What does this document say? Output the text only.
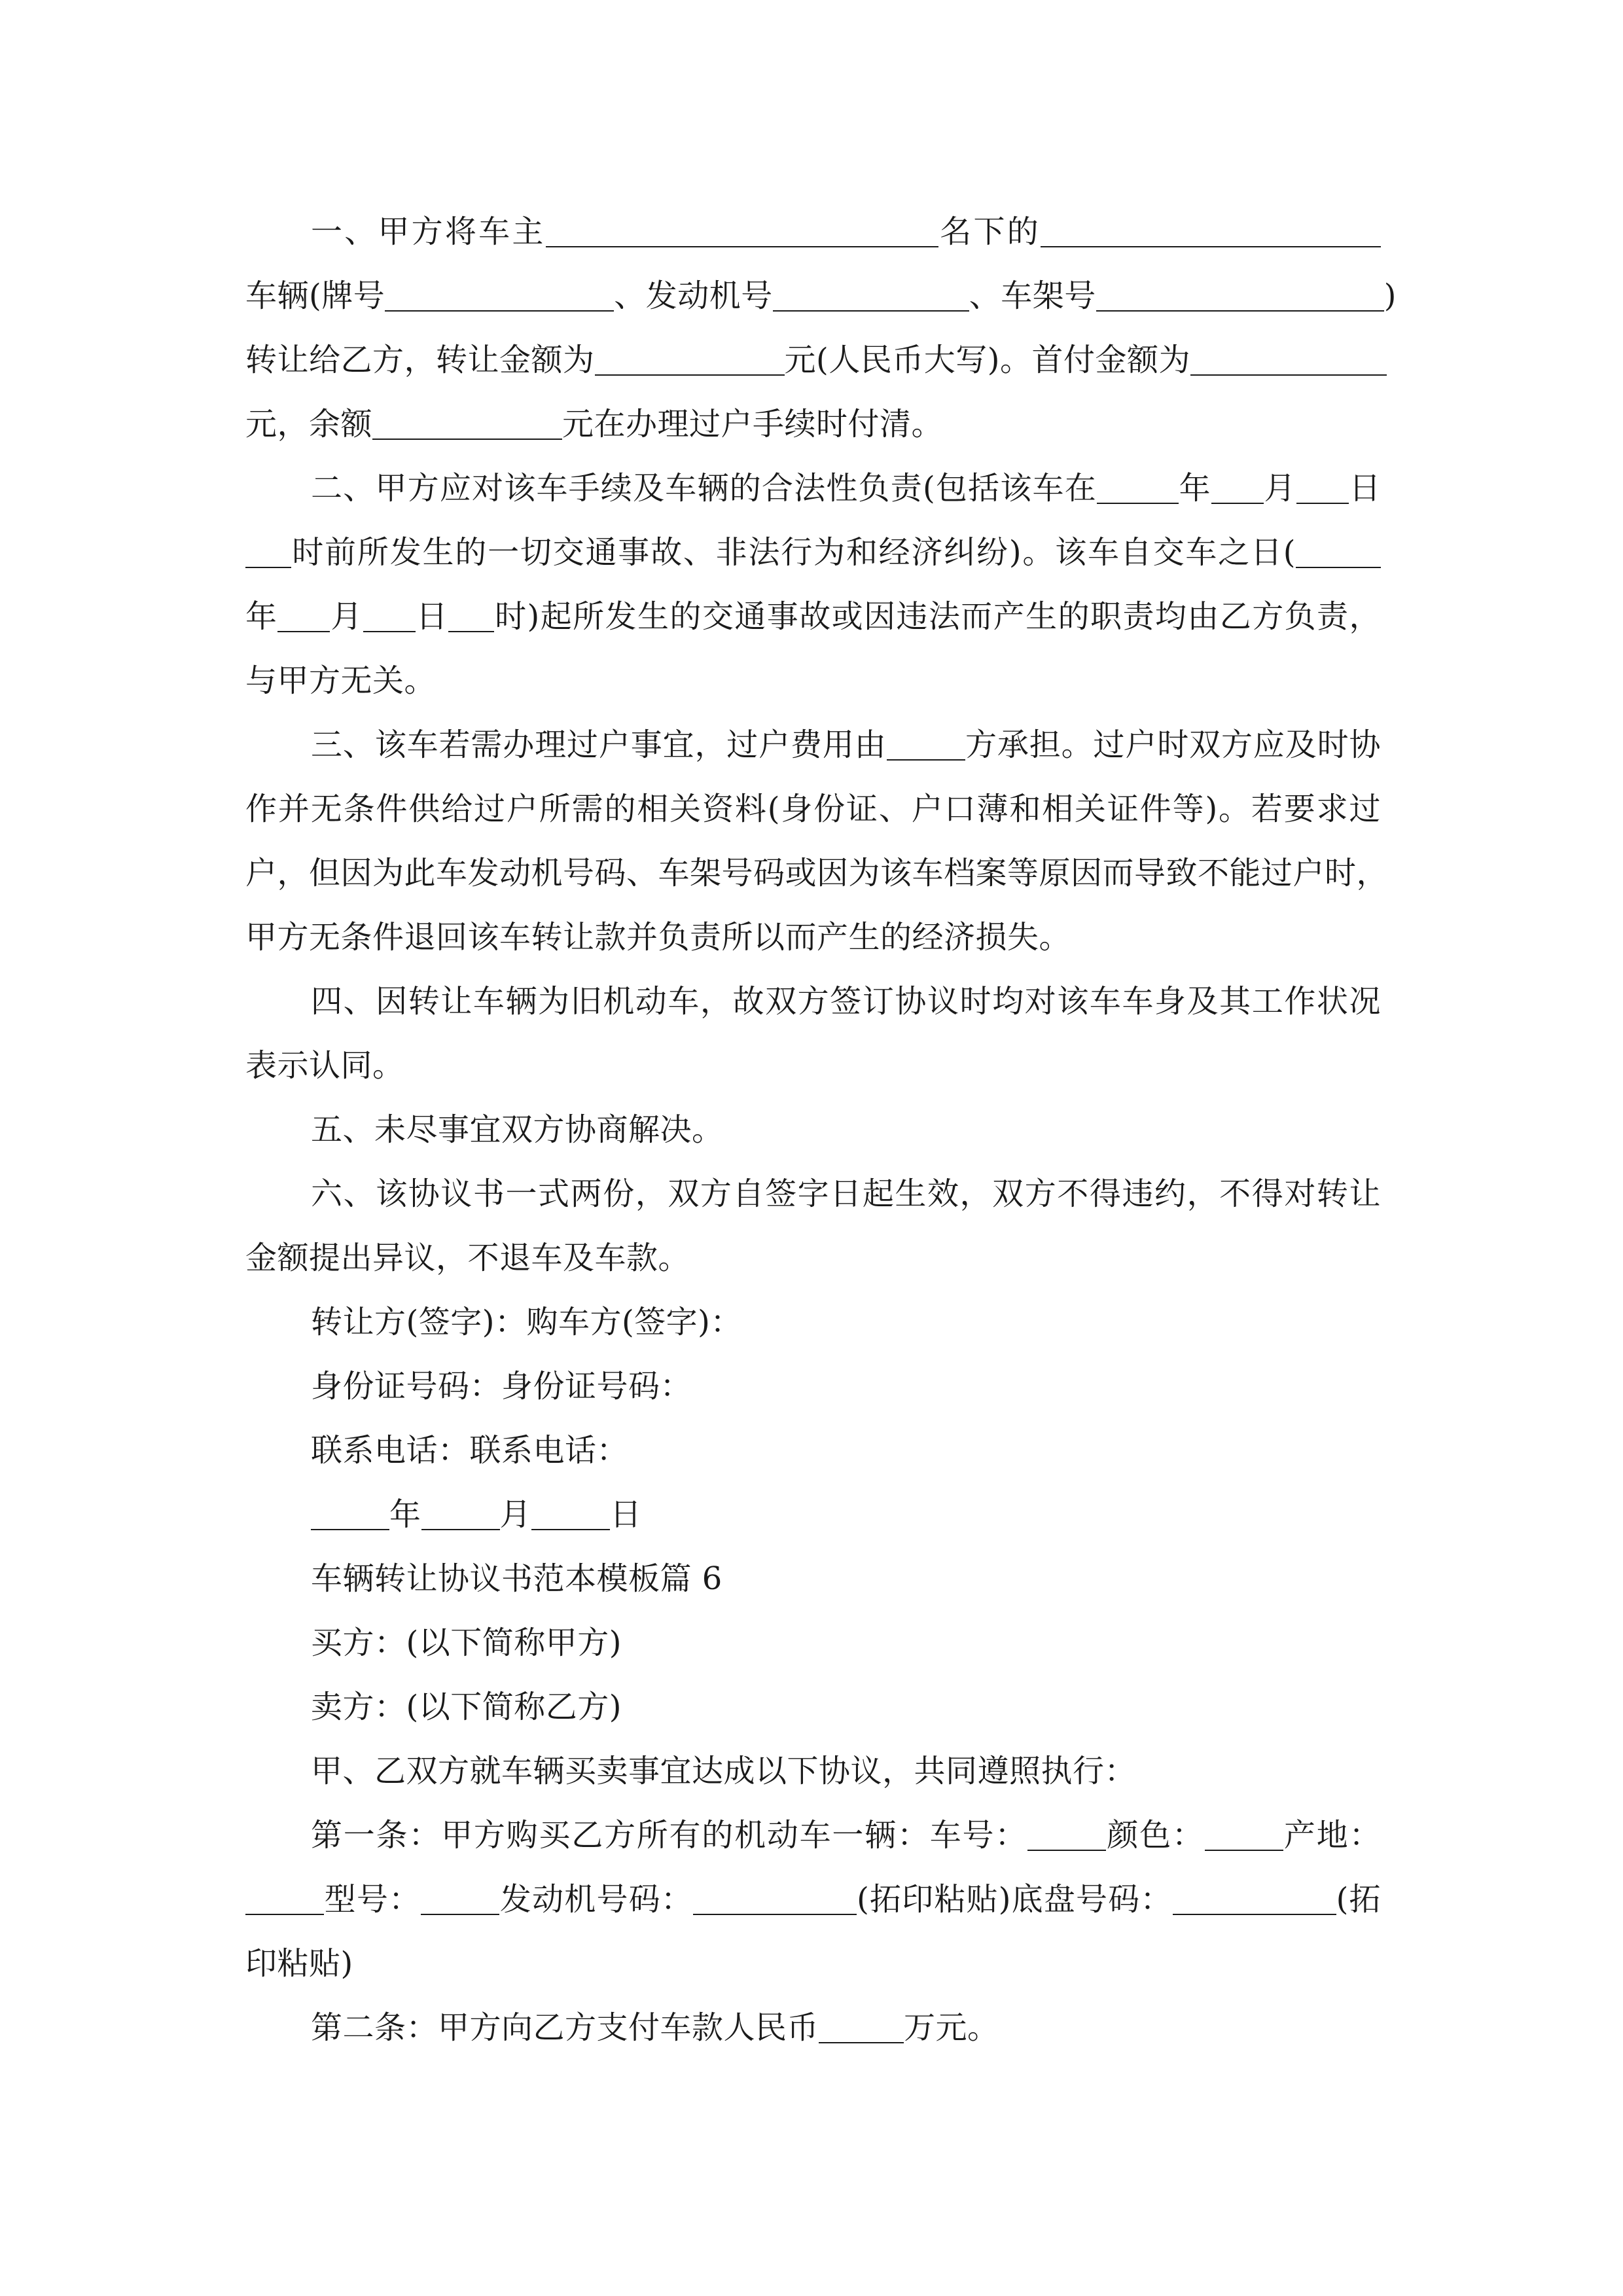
一、甲方将车主	名下的
车辆(牌号	、发动机号	、车架号	)
转让给乙方，转让金额为	元(人民币大写)。首付金额为
元，余额	元在办理过户手续时付清。
二、甲方应对该车手续及车辆的合法性负责(包括该车在	年 月 日
时前所发生的一切交通事故、非法行为和经济纠纷)。该车自交车之日(
年 月 日 时)起所发生的交通事故或因违法而产生的职责均由乙方负责，
与甲方无关。
三、该车若需办理过户事宜，过户费用由	方承担。过户时双方应及时协
作并无条件供给过户所需的相关资料(身份证、户口薄和相关证件等)。若要求过
户，但因为此车发动机号码、车架号码或因为该车档案等原因而导致不能过户时，
甲方无条件退回该车转让款并负责所以而产生的经济损失。
四、因转让车辆为旧机动车，故双方签订协议时均对该车车身及其工作状况
表示认同。
五、未尽事宜双方协商解决。
六、该协议书一式两份，双方自签字日起生效，双方不得违约，不得对转让
金额提出异议，不退车及车款。
转让方(签字)：购车方(签字)：
身份证号码：身份证号码：
联系电话：联系电话：
年	月	日
车辆转让协议书范本模板篇 6
买方：(以下简称甲方)
卖方：(以下简称乙方)
甲、乙双方就车辆买卖事宜达成以下协议，共同遵照执行：
第一条：甲方购买乙方所有的机动车一辆：车号：	颜色：	产地：
型号：	发动机号码：	(拓印粘贴)底盘号码：	(拓
印粘贴)
第二条：甲方向乙方支付车款人民币	万元。
